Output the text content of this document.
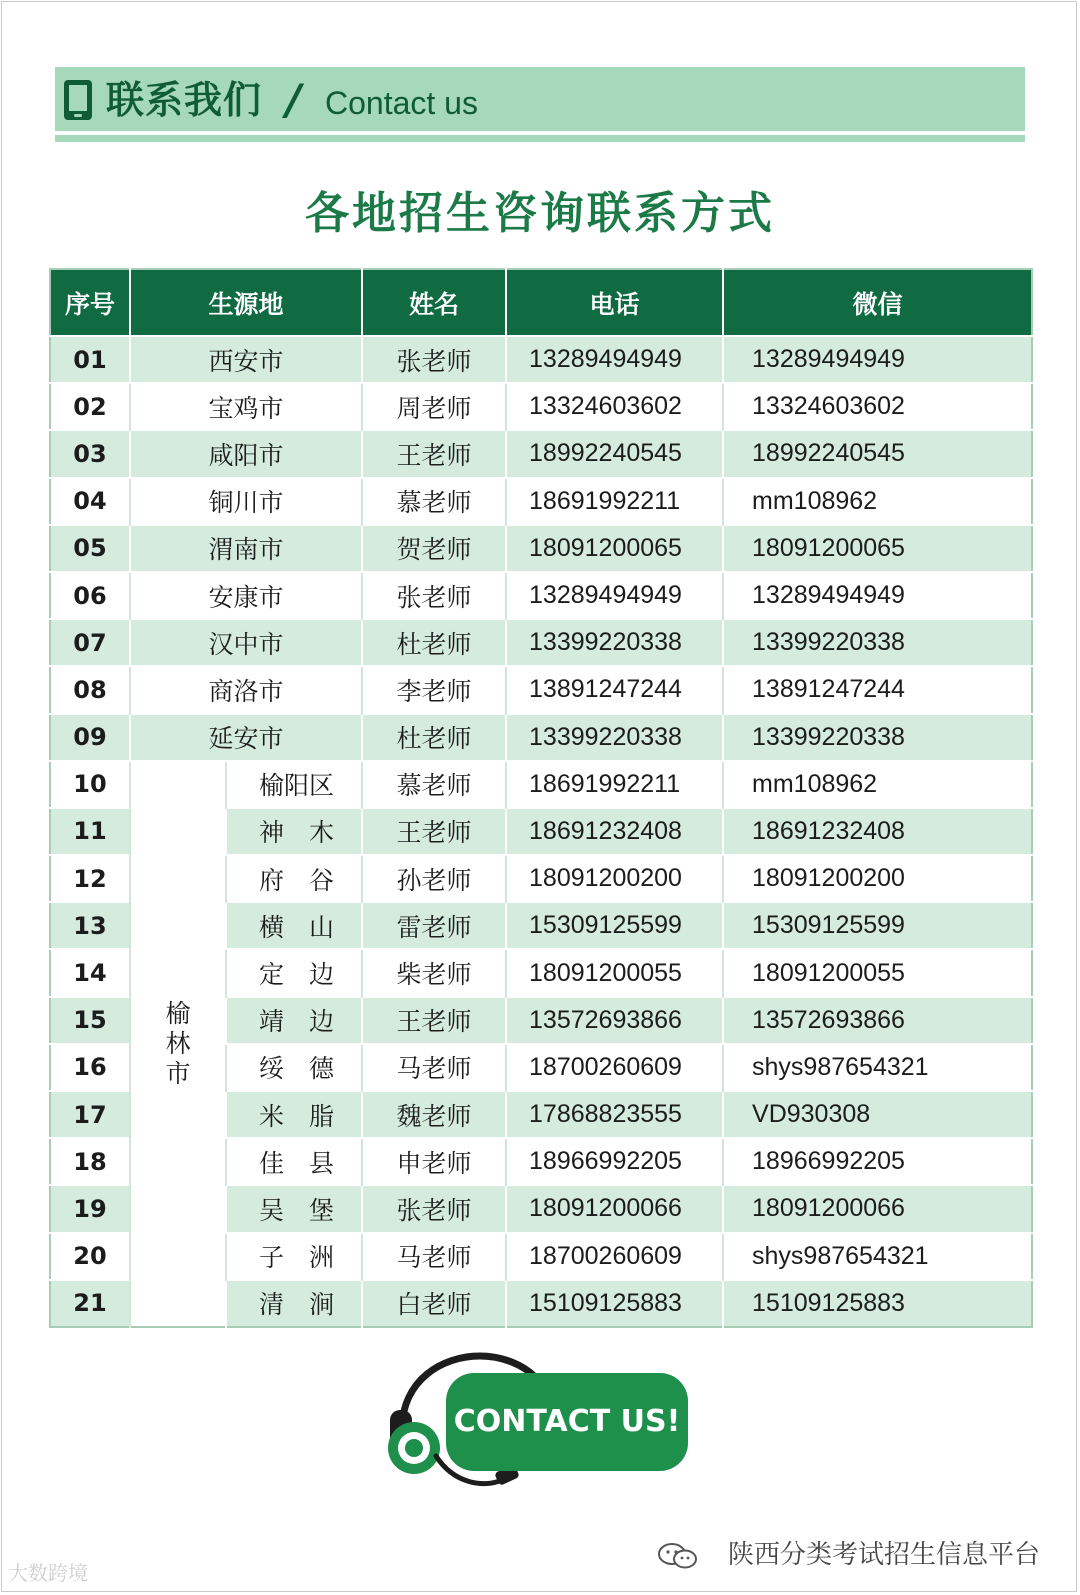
联系我们 / Contact us
各地招生咨询联系方式
序号	生源地		姓名	电话	微信
01	西安市		张老师	13289494949	13289494949
02	宝鸡市		周老师	13324603602	13324603602
03	咸阳市		王老师	18992240545	18992240545
04	铜川市		慕老师	18691992211	mm108962
05	渭南市		贺老师	18091200065	18091200065
06	安康市		张老师	13289494949	13289494949
07	汉中市		杜老师	13399220338	13399220338
08	商洛市		李老师	13891247244	13891247244
09	延安市		杜老师	13399220338	13399220338
10	榆林市	榆阳区	慕老师	18691992211	mm108962
11		神　木	王老师	18691232408	18691232408
12		府　谷	孙老师	18091200200	18091200200
13		横　山	雷老师	15309125599	15309125599
14		定　边	柴老师	18091200055	18091200055
15		靖　边	王老师	13572693866	13572693866
16		绥　德	马老师	18700260609	shys987654321
17		米　脂	魏老师	17868823555	VD930308
18		佳　县	申老师	18966992205	18966992205
19		吴　堡	张老师	18091200066	18091200066
20		子　洲	马老师	18700260609	shys987654321
21		清　涧	白老师	15109125883	15109125883
CONTACT US!
陕西分类考试招生信息平台
大数跨境
